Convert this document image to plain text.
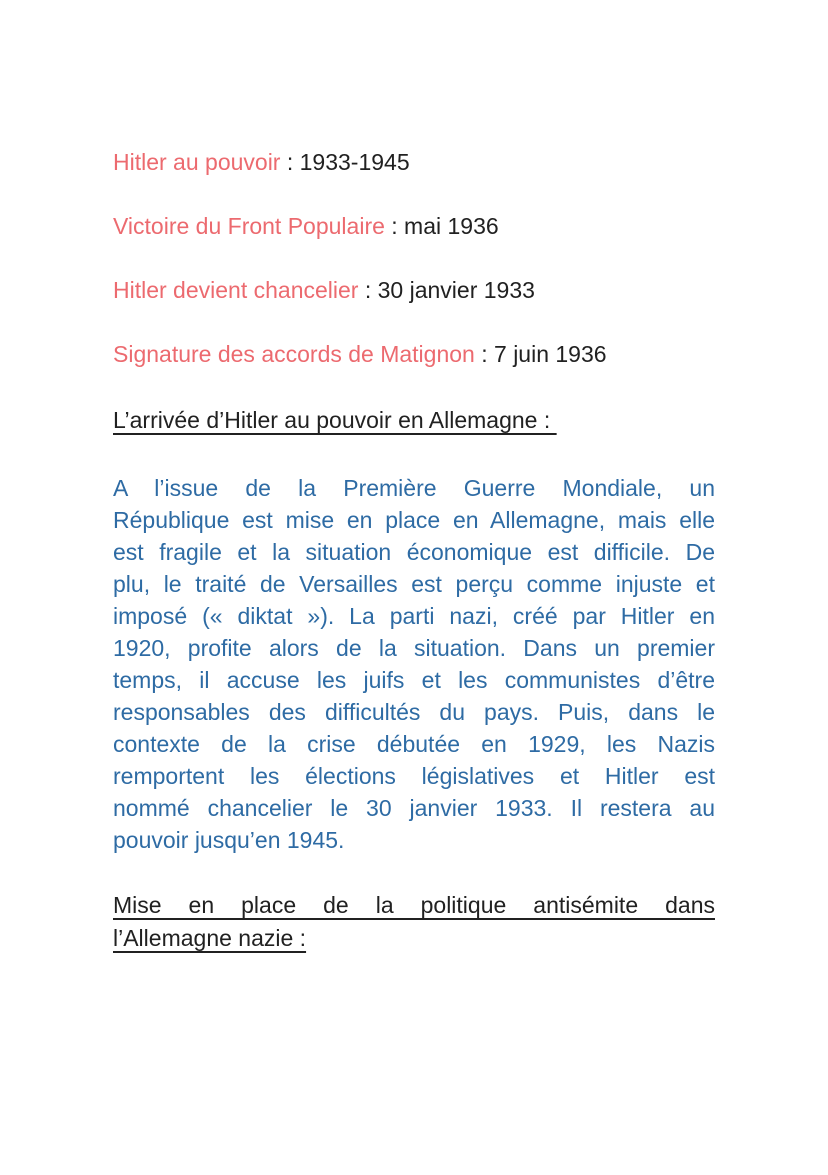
Hitler au pouvoir : 1933-1945

Victoire du Front Populaire : mai 1936

Hitler devient chancelier : 30 janvier 1933

Signature des accords de Matignon : 7 juin 1936

L’arrivée d’Hitler au pouvoir en Allemagne :

A l’issue de la Première Guerre Mondiale, un
République est mise en place en Allemagne, mais elle
est fragile et la situation économique est difficile. De
plu, le traité de Versailles est perçu comme injuste et
imposé (« diktat »). La parti nazi, créé par Hitler en
1920, profite alors de la situation. Dans un premier
temps, il accuse les juifs et les communistes d’être
responsables des difficultés du pays. Puis, dans le
contexte de la crise débutée en 1929, les Nazis
remportent les élections législatives et Hitler est
nommé chancelier le 30 janvier 1933. Il restera au
pouvoir jusqu’en 1945.
Mise en place de la politique antisémite dans
l’Allemagne nazie :
